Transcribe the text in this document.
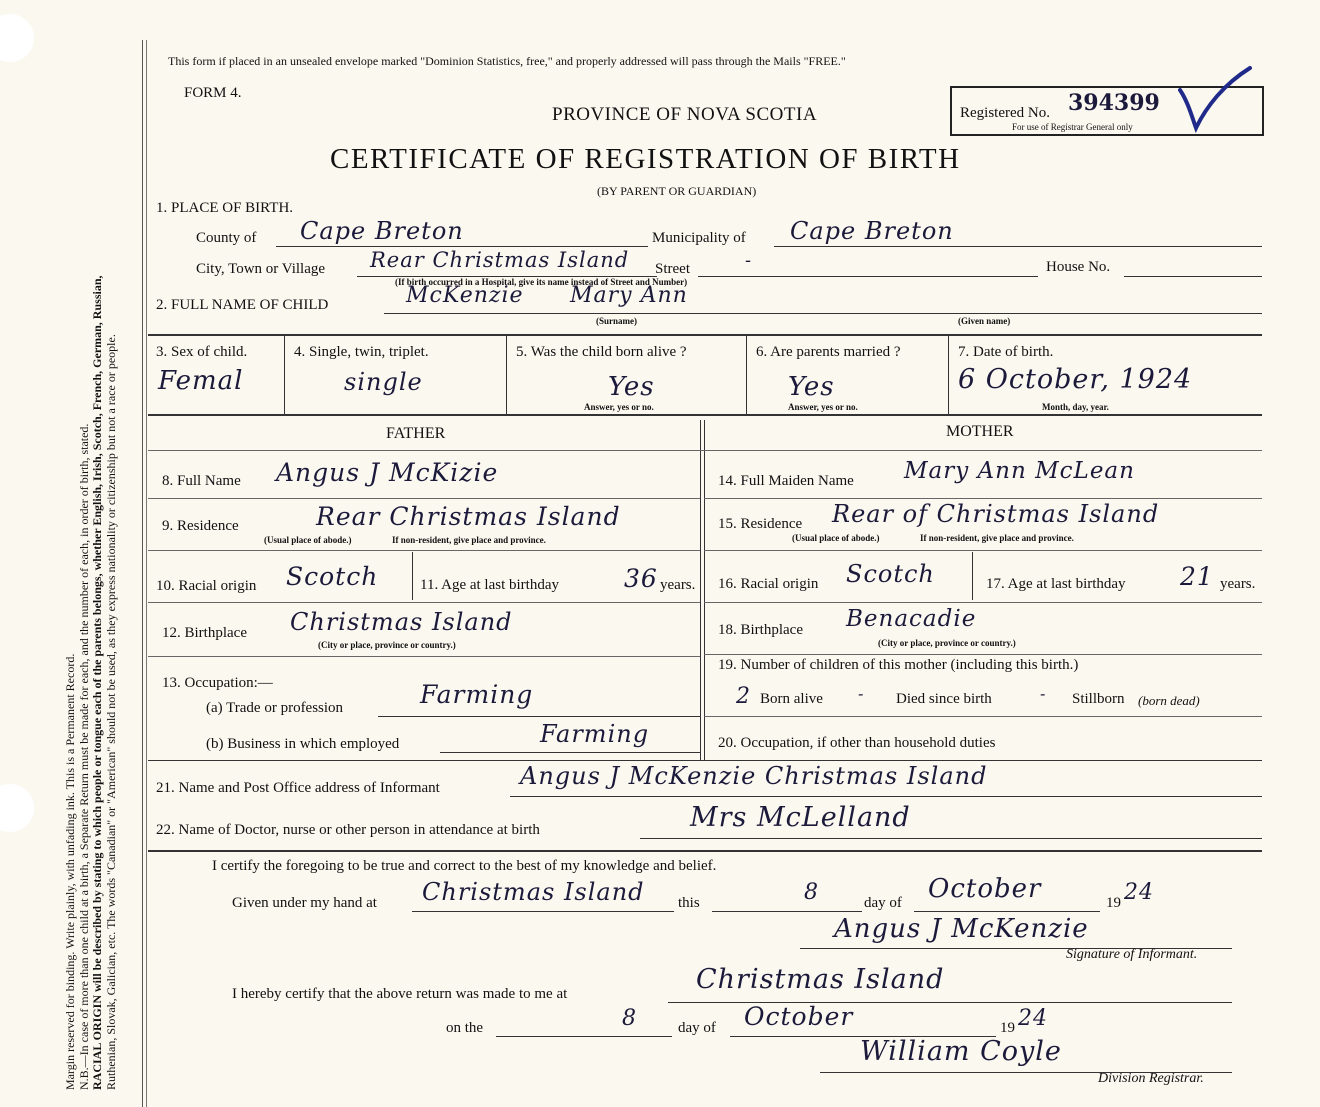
Margin reserved for binding. Write plainly, with unfading ink. This is a Permanent Record. N.B.—In case of more than one child at a birth, a Separate Return must be made for each, and the number of each, in order of birth, stated. RACIAL ORIGIN will be described by stating to which people or tongue each of the parents belongs, whether English, Irish, Scotch, French, German, Russian, Ruthenian, Slovak, Galician, etc. The words "Canadian" or "American" should not be used, as they express nationality or citizenship but not a race or people.
This form if placed in an unsealed envelope marked "Dominion Statistics, free," and properly addressed will pass through the Mails "FREE."
FORM 4.
PROVINCE OF NOVA SCOTIA	Registered No. 394399
For use of Registrar General only
CERTIFICATE OF REGISTRATION OF BIRTH
(BY PARENT OR GUARDIAN)
1. PLACE OF BIRTH.
County of Cape Breton	Municipality of Cape Breton
City, Town or Village Rear Christmas Island Street	-	House No.
(If birth occurred in a Hospital, give its name instead of Street and Number)
2. FULL NAME OF CHILD	McKenzie Mary Ann
(Surname)	(Given name)
3. Sex of child.
Femal
4. Single, twin, triplet.
single
5. Was the child born alive ?
Yes
Answer, yes or no.
6. Are parents married ?
Yes
Answer, yes or no.
7. Date of birth.
6 October, 1924
Month, day, year.
FATHER	MOTHER
8. Full Name Angus J McKizie
9. Residence	Rear Christmas Island
(Usual place of abode.)	If non-resident, give place and province.
10. Racial origin Scotch	11. Age at last birthday	36 years.
12. Birthplace Christmas Island
(City or place, province or country.)
13. Occupation:—
(a) Trade or profession	Farming
(b) Business in which employed	Farming
14. Full Maiden Name Mary Ann McLean
15. Residence Rear of Christmas Island
(Usual place of abode.)	If non-resident, give place and province.
16. Racial origin Scotch	17. Age at last birthday 21 years.
18. Birthplace Benacadie
(City or place, province or country.)
19. Number of children of this mother (including this birth.)
2 Born alive - Died since birth	- Stillborn (born dead)
20. Occupation, if other than household duties
21. Name and Post Office address of Informant	Angus J McKenzie Christmas Island
22. Name of Doctor, nurse or other person in attendance at birth	Mrs McLelland
I certify the foregoing to be true and correct to the best of my knowledge and belief.
Given under my hand at Christmas Island this	8	day of October	19 24
Angus J McKenzie
Signature of Informant.
I hereby certify that the above return was made to me at	Christmas Island
on the	8	day of October	19 24
William Coyle
Division Registrar.
